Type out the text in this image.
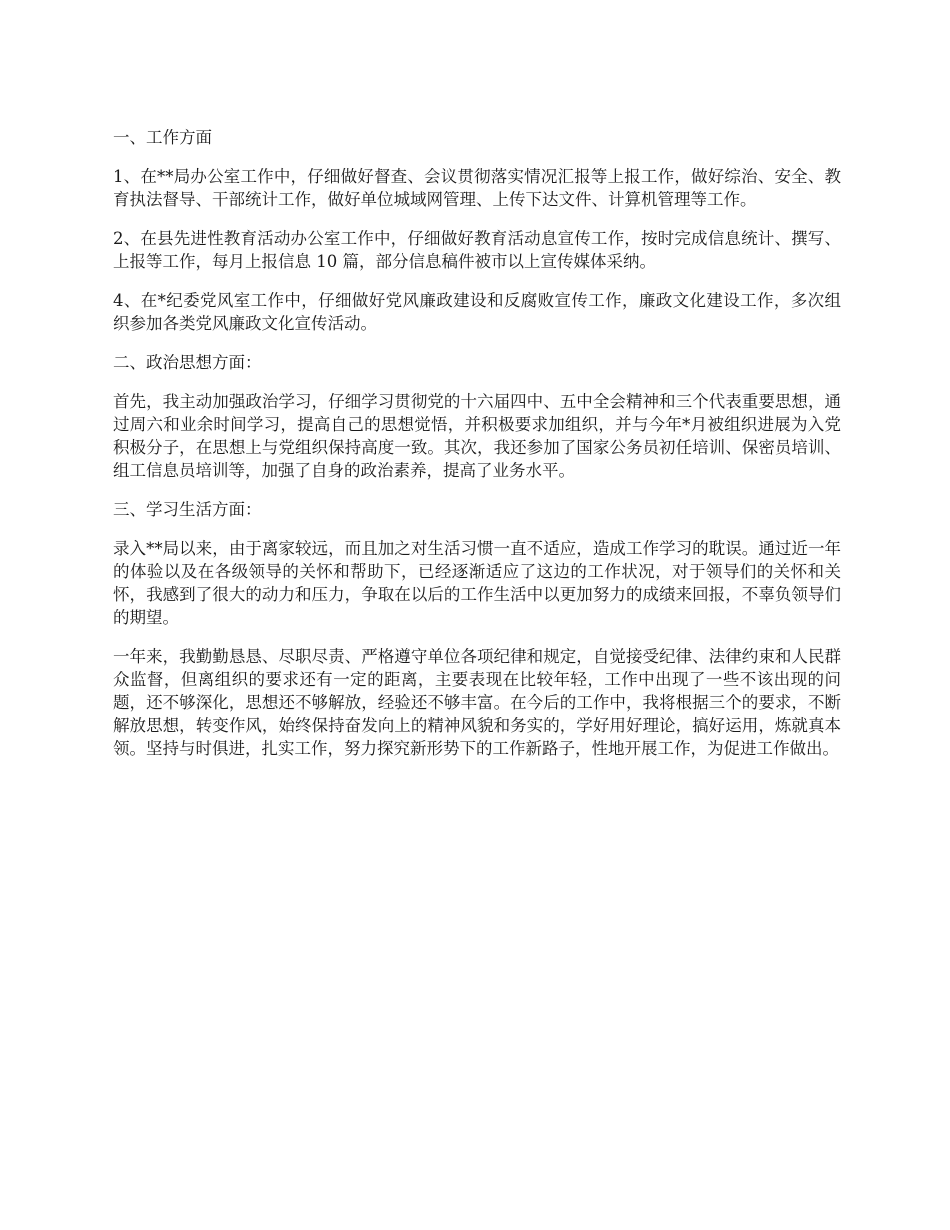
一、工作方面

1、在**局办公室工作中，仔细做好督查、会议贯彻落实情况汇报等上报工作，做好综治、安全、教育执法督导、干部统计工作，做好单位城域网管理、上传下达文件、计算机管理等工作。

2、在县先进性教育活动办公室工作中，仔细做好教育活动息宣传工作，按时完成信息统计、撰写、上报等工作，每月上报信息 10 篇，部分信息稿件被市以上宣传媒体采纳。

4、在*纪委党风室工作中，仔细做好党风廉政建设和反腐败宣传工作，廉政文化建设工作，多次组织参加各类党风廉政文化宣传活动。

二、政治思想方面：

首先，我主动加强政治学习，仔细学习贯彻党的十六届四中、五中全会精神和三个代表重要思想，通过周六和业余时间学习，提高自己的思想觉悟，并积极要求加组织，并与今年*月被组织进展为入党积极分子，在思想上与党组织保持高度一致。其次，我还参加了国家公务员初任培训、保密员培训、组工信息员培训等，加强了自身的政治素养，提高了业务水平。

三、学习生活方面：

录入**局以来，由于离家较远，而且加之对生活习惯一直不适应，造成工作学习的耽误。通过近一年的体验以及在各级领导的关怀和帮助下，已经逐渐适应了这边的工作状况，对于领导们的关怀和关怀，我感到了很大的动力和压力，争取在以后的工作生活中以更加努力的成绩来回报，不辜负领导们的期望。

一年来，我勤勤恳恳、尽职尽责、严格遵守单位各项纪律和规定，自觉接受纪律、法律约束和人民群众监督，但离组织的要求还有一定的距离，主要表现在比较年轻，工作中出现了一些不该出现的问题，还不够深化，思想还不够解放，经验还不够丰富。在今后的工作中，我将根据三个的要求，不断解放思想，转变作风，始终保持奋发向上的精神风貌和务实的，学好用好理论，搞好运用，炼就真本领。坚持与时俱进，扎实工作，努力探究新形势下的工作新路子，性地开展工作，为促进工作做出。
